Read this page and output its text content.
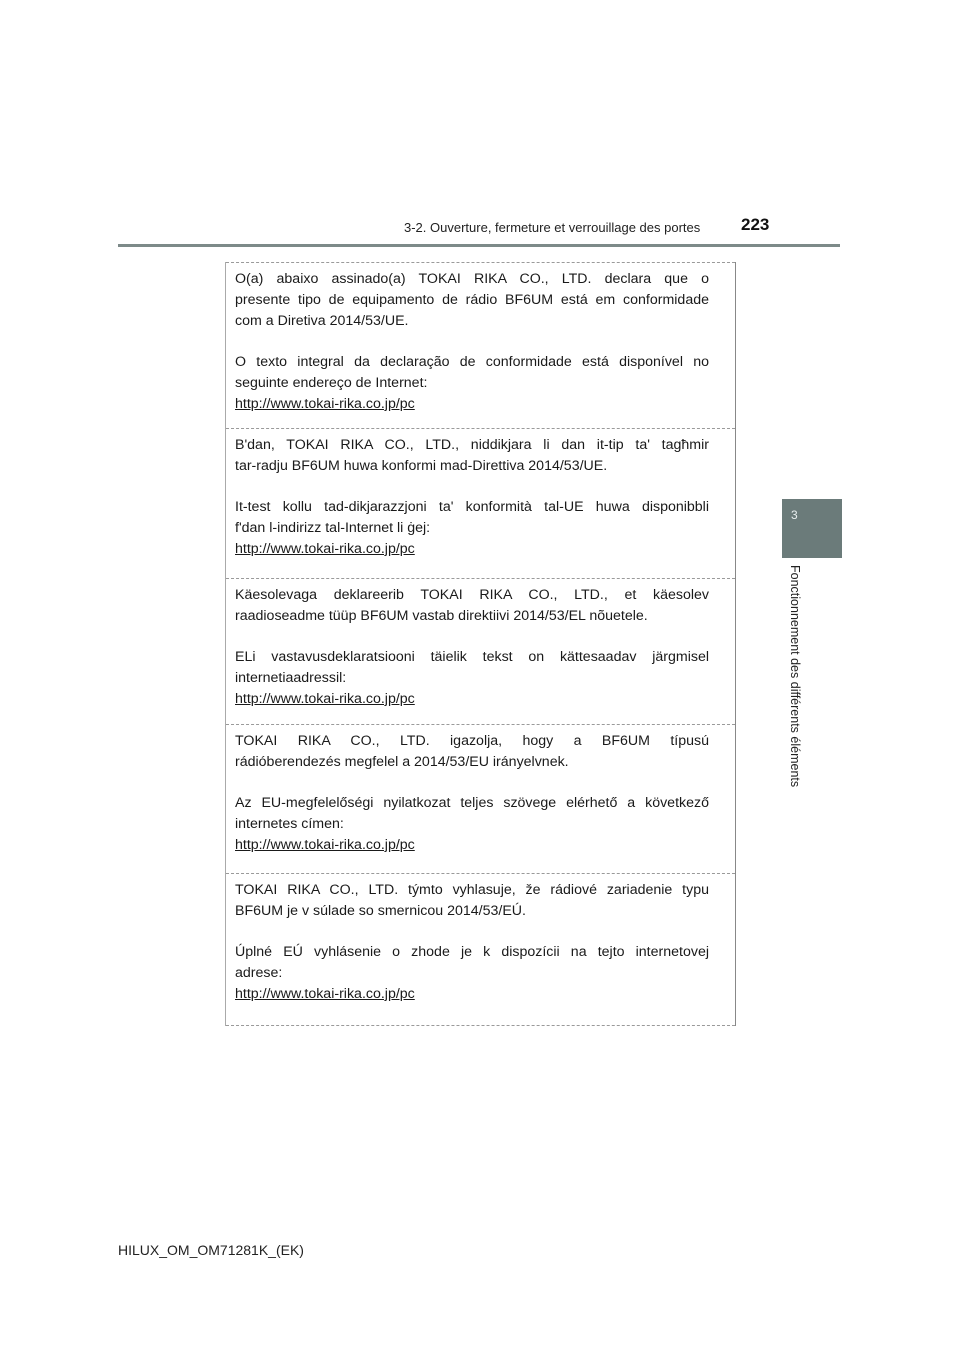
3-2. Ouverture, fermeture et verrouillage des portes 223
3
Fonctionnement des différents éléments
O(a) abaixo assinado(a) TOKAI RIKA CO., LTD. declara que o
presente tipo de equipamento de rádio BF6UM está em conformidade

com a Diretiva 2014/53/UE.

O texto integral da declaração de conformidade está disponível no
seguinte endereço de Internet:
http://www.tokai-rika.co.jp/pc
B'dan, TOKAI RIKA CO., LTD., niddikjara li dan it-tip ta' tagħmir

tar-radju BF6UM huwa konformi mad-Direttiva 2014/53/UE.

It-test kollu tad-dikjarazzjoni ta' konformità tal-UE huwa disponibbli
f'dan l-indirizz tal-Internet li ġej:
http://www.tokai-rika.co.jp/pc
Käesolevaga deklareerib TOKAI RIKA CO., LTD., et käesolev

raadioseadme tüüp BF6UM vastab direktiivi 2014/53/EL nõuetele.

ELi vastavusdeklaratsiooni täielik tekst on kättesaadav järgmisel
internetiaadressil:
http://www.tokai-rika.co.jp/pc
TOKAI RIKA CO., LTD. igazolja, hogy a BF6UM típusú

rádióberendezés megfelel a 2014/53/EU irányelvnek.

Az EU-megfelelőségi nyilatkozat teljes szövege elérhető a következő
internetes címen:
http://www.tokai-rika.co.jp/pc
TOKAI RIKA CO., LTD. týmto vyhlasuje, že rádiové zariadenie typu

BF6UM je v súlade so smernicou 2014/53/EÚ.

Úplné EÚ vyhlásenie o zhode je k dispozícii na tejto internetovej
adrese:
http://www.tokai-rika.co.jp/pc
HILUX_OM_OM71281K_(EK)
